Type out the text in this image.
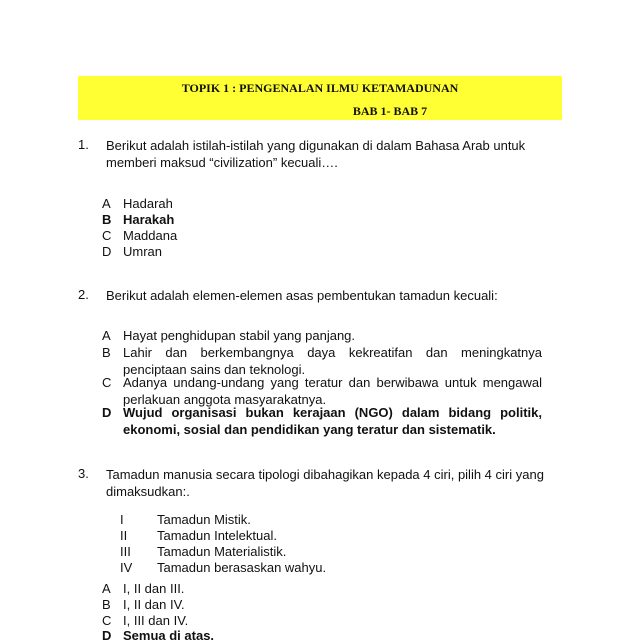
TOPIK 1 : PENGENALAN ILMU KETAMADUNAN
BAB 1- BAB 7
1. Berikut adalah istilah-istilah yang digunakan di dalam Bahasa Arab untuk memberi maksud “civilization” kecuali….
A Hadarah
B Harakah
C Maddana
D Umran
2. Berikut adalah elemen-elemen asas pembentukan tamadun kecuali:
A Hayat penghidupan stabil yang panjang.
B Lahir dan berkembangnya daya kekreatifan dan meningkatnya penciptaan sains dan teknologi.
C Adanya undang-undang yang teratur dan berwibawa untuk mengawal perlakuan anggota masyarakatnya.
D Wujud organisasi bukan kerajaan (NGO) dalam bidang politik, ekonomi, sosial dan pendidikan yang teratur dan sistematik.
3. Tamadun manusia secara tipologi dibahagikan kepada 4 ciri, pilih 4 ciri yang dimaksudkan:.
I	Tamadun Mistik.
II	Tamadun Intelektual.
III	Tamadun Materialistik.
IV	Tamadun berasaskan wahyu.
A I, II dan III.
B I, II dan IV.
C I, III dan IV.
D Semua di atas.
